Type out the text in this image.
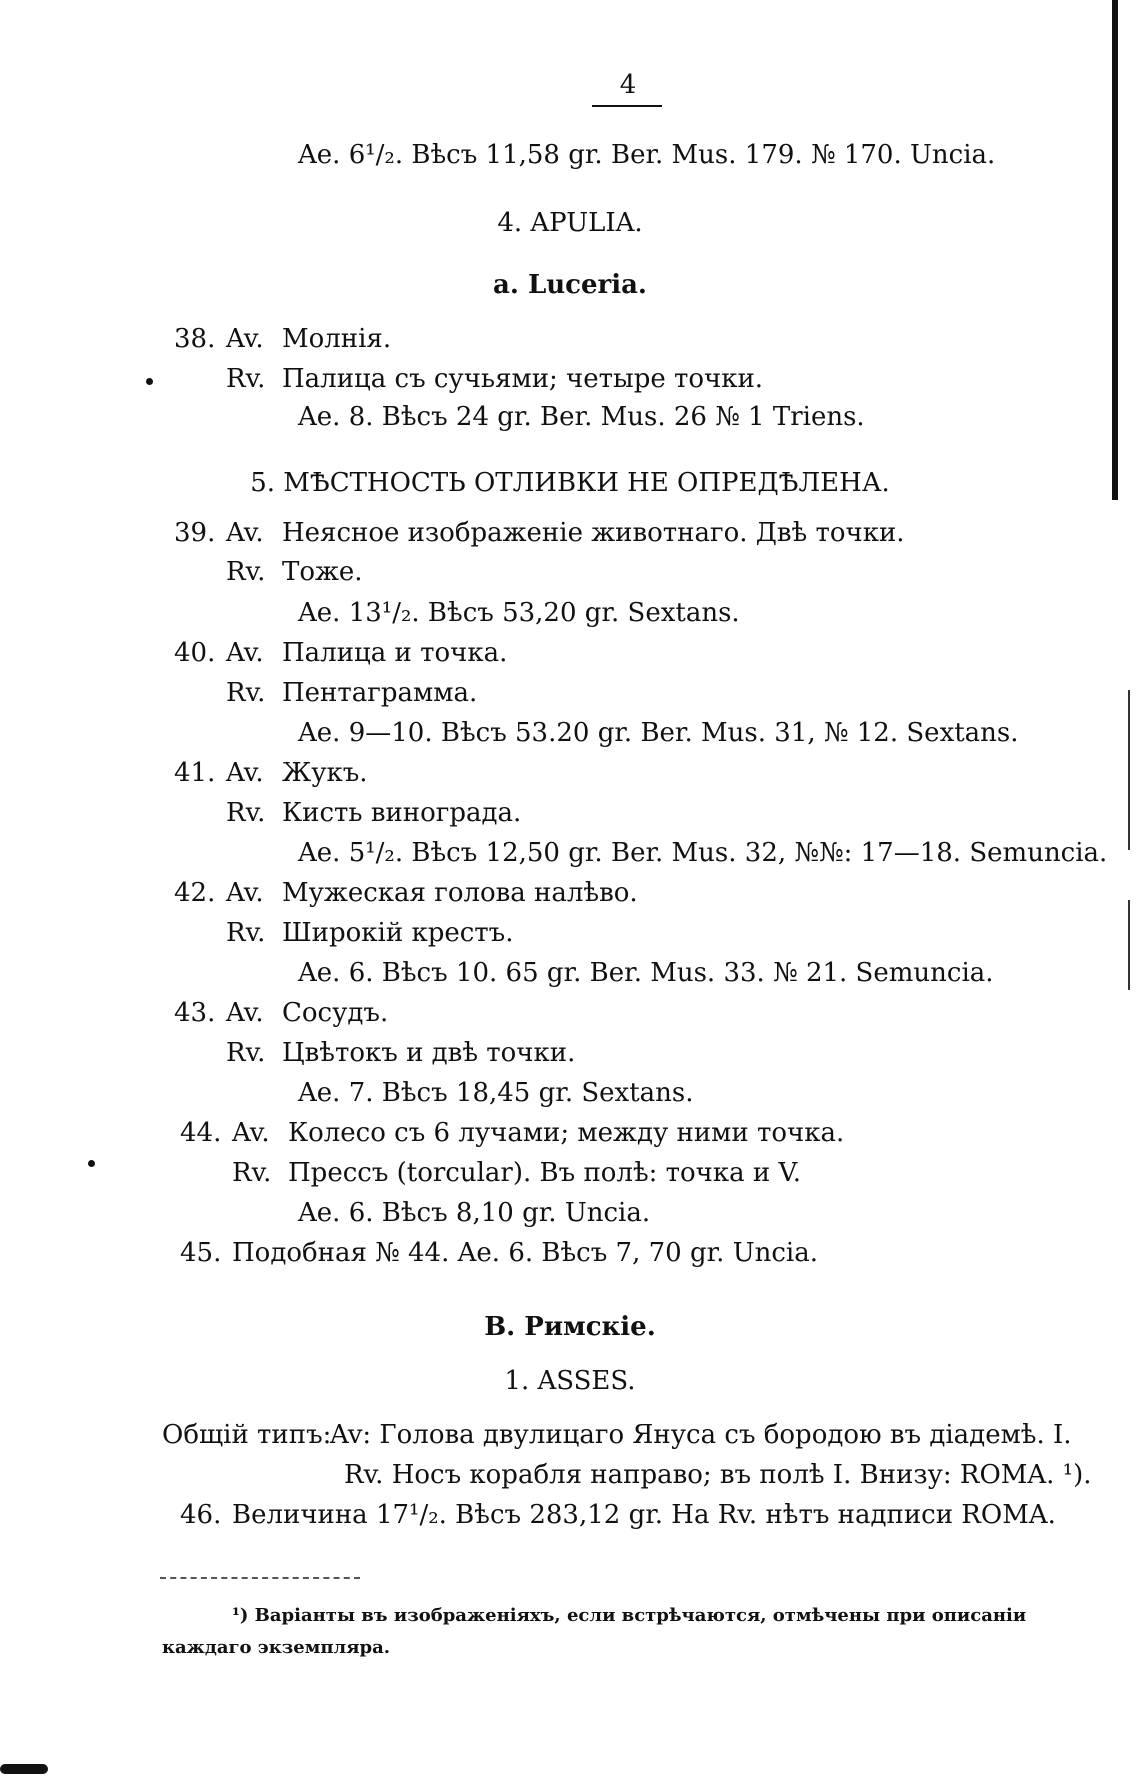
4
Ae. 6¹/₂. Вѣсъ 11,58 gr. Ber. Mus. 179. № 170. Uncia.
4. APULIA.
a. Luceria.
38. Av. Молнія.
Rv. Палица съ сучьями; четыре точки.
Ae. 8. Вѣсъ 24 gr. Ber. Mus. 26 № 1 Triens.
5. МѢСТНОСТЬ ОТЛИВКИ НЕ ОПРЕДѢЛЕНА.
39. Av. Неясное изображеніе животнаго. Двѣ точки.
Rv. Тоже.
Ae. 13¹/₂. Вѣсъ 53,20 gr. Sextans.
40. Av. Палица и точка.
Rv. Пентаграмма.
Ae. 9—10. Вѣсъ 53.20 gr. Ber. Mus. 31, № 12. Sextans.
41. Av. Жукъ.
Rv. Кисть винограда.
Ae. 5¹/₂. Вѣсъ 12,50 gr. Ber. Mus. 32, №№: 17—18. Semuncia.
42. Av. Мужеская голова налѣво.
Rv. Широкій крестъ.
Ae. 6. Вѣсъ 10. 65 gr. Ber. Mus. 33. № 21. Semuncia.
43. Av. Сосудъ.
Rv. Цвѣтокъ и двѣ точки.
Ae. 7. Вѣсъ 18,45 gr. Sextans.
44. Av. Колесо съ 6 лучами; между ними точка.
Rv. Прессъ (torcular). Въ полѣ: точка и V.
Ae. 6. Вѣсъ 8,10 gr. Uncia.
45. Подобная № 44. Ae. 6. Вѣсъ 7, 70 gr. Uncia.
B. Римскіе.
1. ASSES.
Общій типъ:Av: Голова двулицаго Януса съ бородою въ діадемѣ. I.
Rv. Носъ корабля направо; въ полѣ I. Внизу: ROMA. ¹).
46. Величина 17¹/₂. Вѣсъ 283,12 gr. На Rv. нѣтъ надписи ROMA.
¹) Варіанты въ изображеніяхъ, если встрѣчаются, отмѣчены при описаніи
каждаго экземпляра.
